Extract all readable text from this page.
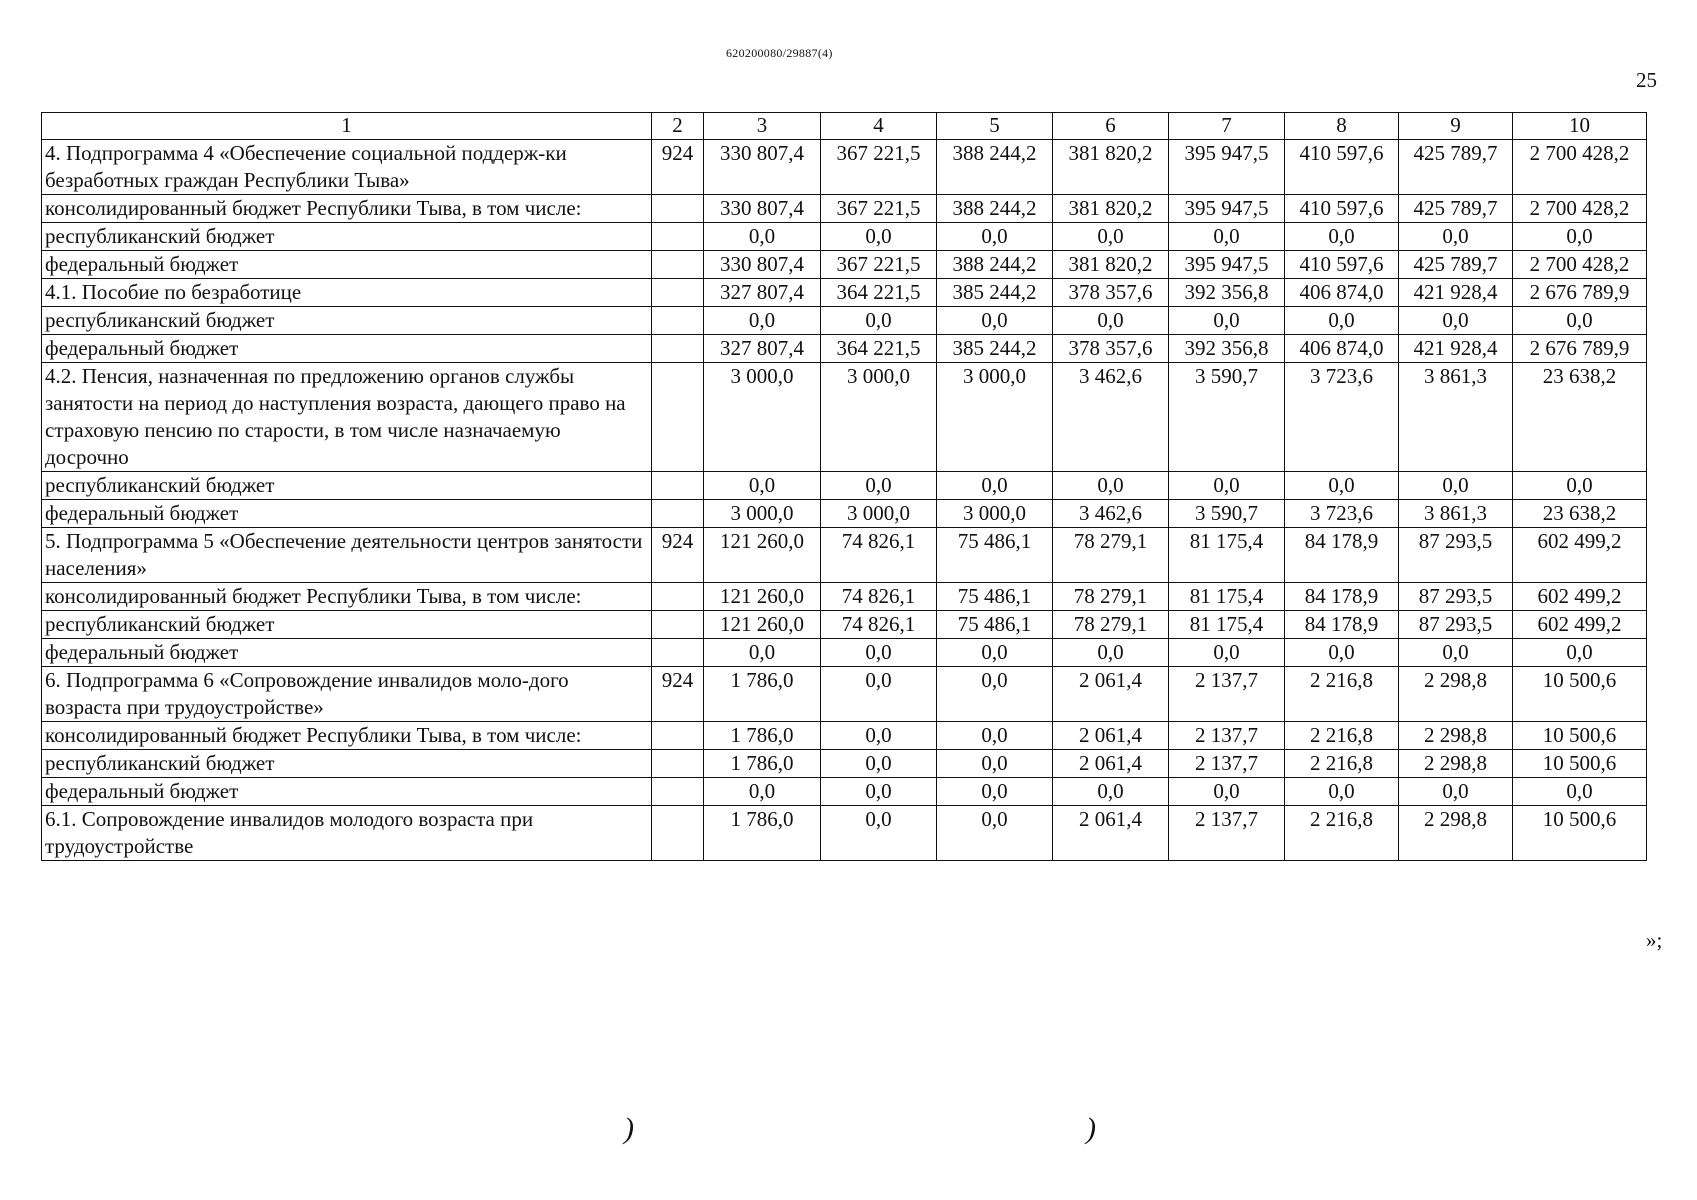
620200080/29887(4)
25
1	2	3	4	5	6	7	8	9	10
4. Подпрограмма 4 «Обеспечение социальной поддерж-ки безработных граждан Республики Тыва»	924	330 807,4	367 221,5	388 244,2	381 820,2	395 947,5	410 597,6	425 789,7	2 700 428,2
консолидированный бюджет Республики Тыва, в том числе:		330 807,4	367 221,5	388 244,2	381 820,2	395 947,5	410 597,6	425 789,7	2 700 428,2
республиканский бюджет		0,0	0,0	0,0	0,0	0,0	0,0	0,0	0,0
федеральный бюджет		330 807,4	367 221,5	388 244,2	381 820,2	395 947,5	410 597,6	425 789,7	2 700 428,2
4.1. Пособие по безработице		327 807,4	364 221,5	385 244,2	378 357,6	392 356,8	406 874,0	421 928,4	2 676 789,9
республиканский бюджет		0,0	0,0	0,0	0,0	0,0	0,0	0,0	0,0
федеральный бюджет		327 807,4	364 221,5	385 244,2	378 357,6	392 356,8	406 874,0	421 928,4	2 676 789,9
4.2. Пенсия, назначенная по предложению органов службы занятости на период до наступления возраста, дающего право на страховую пенсию по старости, в том числе назначаемую досрочно		3 000,0	3 000,0	3 000,0	3 462,6	3 590,7	3 723,6	3 861,3	23 638,2
республиканский бюджет		0,0	0,0	0,0	0,0	0,0	0,0	0,0	0,0
федеральный бюджет		3 000,0	3 000,0	3 000,0	3 462,6	3 590,7	3 723,6	3 861,3	23 638,2
5. Подпрограмма 5 «Обеспечение деятельности центров занятости населения»	924	121 260,0	74 826,1	75 486,1	78 279,1	81 175,4	84 178,9	87 293,5	602 499,2
консолидированный бюджет Республики Тыва, в том числе:		121 260,0	74 826,1	75 486,1	78 279,1	81 175,4	84 178,9	87 293,5	602 499,2
республиканский бюджет		121 260,0	74 826,1	75 486,1	78 279,1	81 175,4	84 178,9	87 293,5	602 499,2
федеральный бюджет		0,0	0,0	0,0	0,0	0,0	0,0	0,0	0,0
6. Подпрограмма 6 «Сопровождение инвалидов моло-дого возраста при трудоустройстве»	924	1 786,0	0,0	0,0	2 061,4	2 137,7	2 216,8	2 298,8	10 500,6
консолидированный бюджет Республики Тыва, в том числе:		1 786,0	0,0	0,0	2 061,4	2 137,7	2 216,8	2 298,8	10 500,6
республиканский бюджет		1 786,0	0,0	0,0	2 061,4	2 137,7	2 216,8	2 298,8	10 500,6
федеральный бюджет		0,0	0,0	0,0	0,0	0,0	0,0	0,0	0,0
6.1. Сопровождение инвалидов молодого возраста при трудоустройстве		1 786,0	0,0	0,0	2 061,4	2 137,7	2 216,8	2 298,8	10 500,6
»;
)	)
